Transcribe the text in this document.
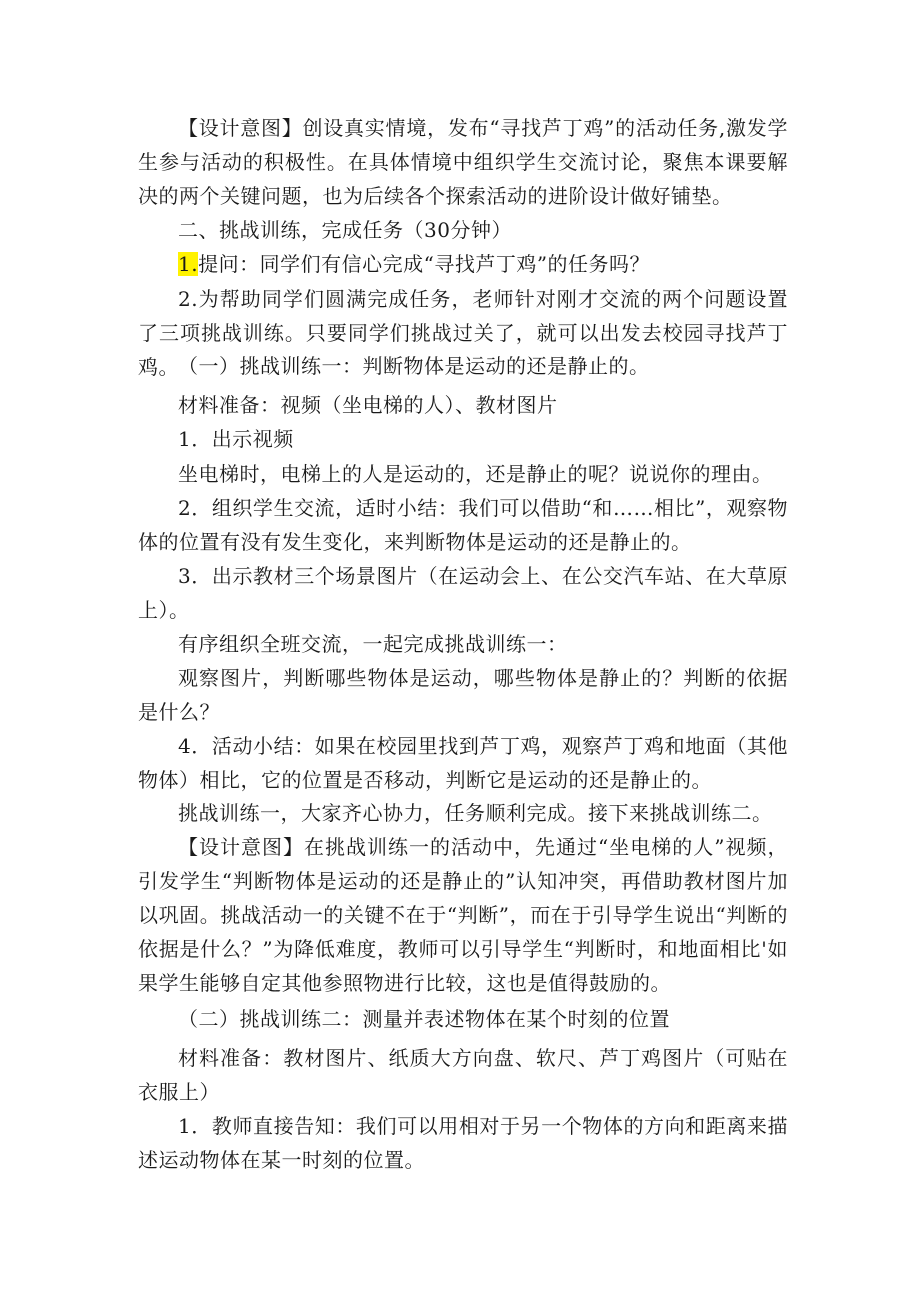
【设计意图】创设真实情境，发布“寻找芦丁鸡”的活动任务,激发学生参与活动的积极性。在具体情境中组织学生交流讨论，聚焦本课要解决的两个关键问题，也为后续各个探索活动的进阶设计做好铺垫。

二、挑战训练，完成任务（30分钟）

1.提问：同学们有信心完成“寻找芦丁鸡”的任务吗？

2.为帮助同学们圆满完成任务，老师针对刚才交流的两个问题设置了三项挑战训练。只要同学们挑战过关了，就可以出发去校园寻找芦丁鸡。 （一）挑战训练一：判断物体是运动的还是静止的。

材料准备：视频（坐电梯的人）、教材图片

1．出示视频

坐电梯时，电梯上的人是运动的，还是静止的呢？说说你的理由。

2．组织学生交流，适时小结：我们可以借助“和……相比”，观察物体的位置有没有发生变化，来判断物体是运动的还是静止的。

3．出示教材三个场景图片（在运动会上、在公交汽车站、在大草原上）。

有序组织全班交流，一起完成挑战训练一：

观察图片，判断哪些物体是运动，哪些物体是静止的？判断的依据是什么？

4．活动小结：如果在校园里找到芦丁鸡，观察芦丁鸡和地面（其他物体）相比，它的位置是否移动，判断它是运动的还是静止的。

挑战训练一，大家齐心协力，任务顺利完成。接下来挑战训练二。

【设计意图】在挑战训练一的活动中，先通过“坐电梯的人”视频，引发学生“判断物体是运动的还是静止的”认知冲突，再借助教材图片加以巩固。挑战活动一的关键不在于“判断”，而在于引导学生说出“判断的依据是什么？”为降低难度，教师可以引导学生“判断时，和地面相比'如果学生能够自定其他参照物进行比较，这也是值得鼓励的。

（二）挑战训练二：测量并表述物体在某个时刻的位置

材料准备：教材图片、纸质大方向盘、软尺、芦丁鸡图片（可贴在衣服上）

1．教师直接告知：我们可以用相对于另一个物体的方向和距离来描述运动物体在某一时刻的位置。
